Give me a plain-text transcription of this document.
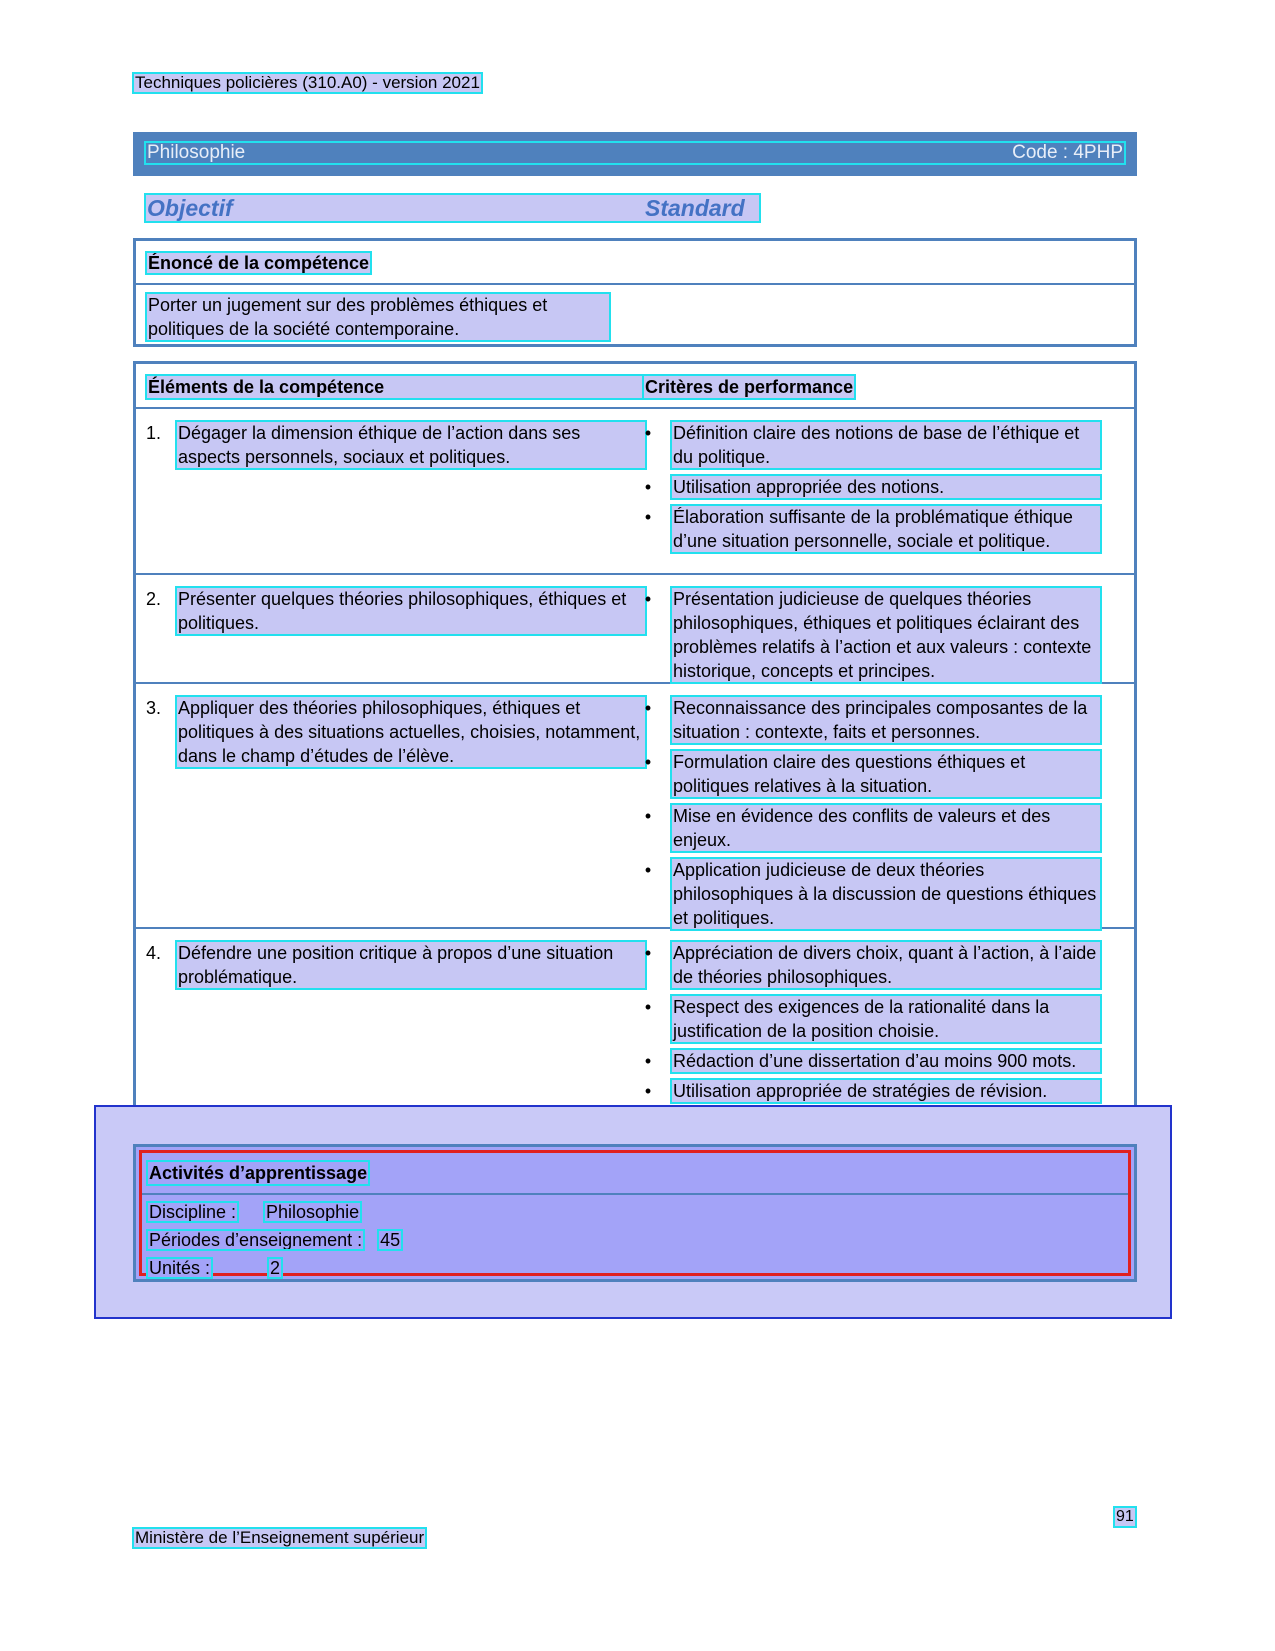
Techniques policières (310.A0) - version 2021
Philosophie	Code : 4PHP
Objectif	Standard
Énoncé de la compétence
Porter un jugement sur des problèmes éthiques et politiques de la société contemporaine.
Éléments de la compétence	Critères de performance
1. Dégager la dimension éthique de l’action dans ses aspects personnels, sociaux et politiques.
• Définition claire des notions de base de l’éthique et du politique.
• Utilisation appropriée des notions.
• Élaboration suffisante de la problématique éthique d’une situation personnelle, sociale et politique.
2. Présenter quelques théories philosophiques, éthiques et politiques.
• Présentation judicieuse de quelques théories philosophiques, éthiques et politiques éclairant des problèmes relatifs à l’action et aux valeurs : contexte historique, concepts et principes.
3. Appliquer des théories philosophiques, éthiques et politiques à des situations actuelles, choisies, notamment, dans le champ d’études de l’élève.
• Reconnaissance des principales composantes de la situation : contexte, faits et personnes.
• Formulation claire des questions éthiques et politiques relatives à la situation.
• Mise en évidence des conflits de valeurs et des enjeux.
• Application judicieuse de deux théories philosophiques à la discussion de questions éthiques et politiques.
4. Défendre une position critique à propos d’une situation problématique.
• Appréciation de divers choix, quant à l’action, à l’aide de théories philosophiques.
• Respect des exigences de la rationalité dans la justification de la position choisie.
• Rédaction d’une dissertation d’au moins 900 mots.
• Utilisation appropriée de stratégies de révision.
Activités d’apprentissage
Discipline : Philosophie
Périodes d’enseignement : 45
Unités :	2
91
Ministère de l’Enseignement supérieur
